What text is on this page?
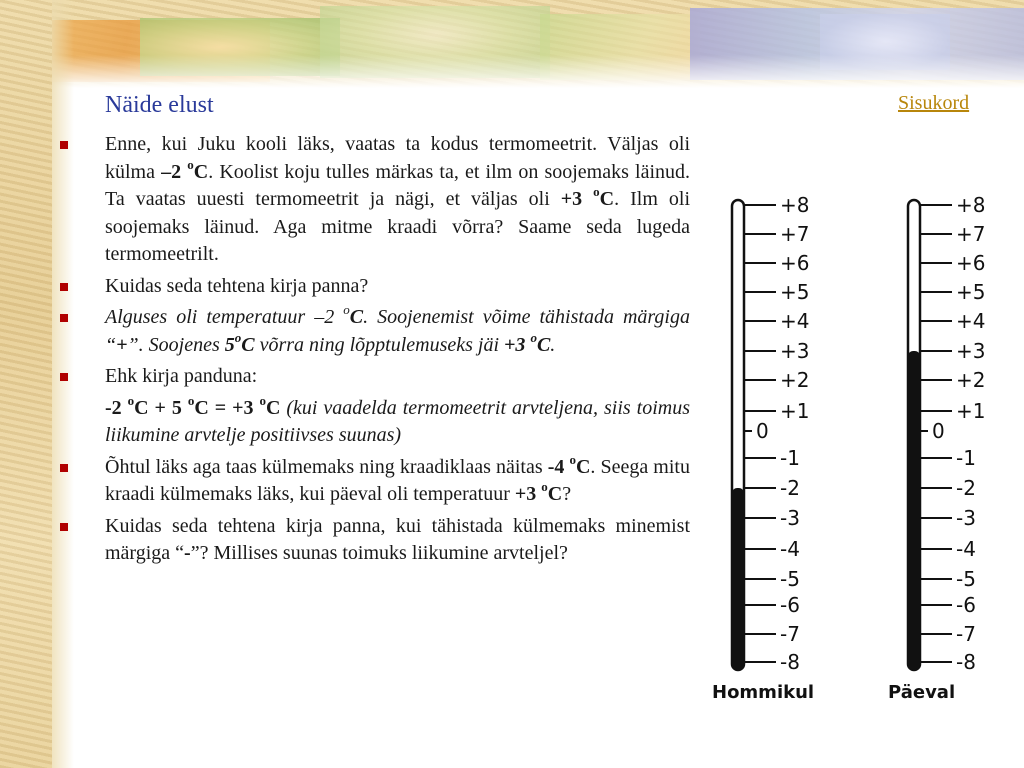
Näide elust	Sisukord
Enne, kui Juku kooli läks, vaatas ta kodus termomeetrit. Väljas oli külma –2 $^o$C. Koolist koju tulles märkas ta, et ilm on soojemaks läinud. Ta vaatas uuesti termomeetrit ja nägi, et väljas oli +3 $^o$C. Ilm oli soojemaks läinud. Aga mitme kraadi võrra? Saame seda lugeda termomeetrilt.
Kuidas seda tehtena kirja panna?
Alguses oli temperatuur –2 $^o$C. Soojenemist võime tähistada märgiga “+”. Soojenes 5$^o$C võrra ning lõpptulemuseks jäi +3 $^o$C.
Ehk kirja panduna:
-2 $^o$C + 5 $^o$C = +3 $^o$C (kui vaadelda termomeetrit arvteljena, siis toimus liikumine arvtelje positiivses suunas)
Õhtul läks aga taas külmemaks ning kraadiklaas näitas -4 $^o$C. Seega mitu kraadi külmemaks läks, kui päeval oli temperatuur +3 $^o$C?
Kuidas seda tehtena kirja panna, kui tähistada külmemaks minemist märgiga “-”? Millises suunas toimuks liikumine arvteljel?
+8
+7
+6
+5
+4
+3
+2
+1
0
-1
-2
-3
-4
-5
-6
-7
-8
Hommikul
+8
+7
+6
+5
+4
+3
+2
+1
0
-1
-2
-3
-4
-5
-6
-7
-8
Päeval
